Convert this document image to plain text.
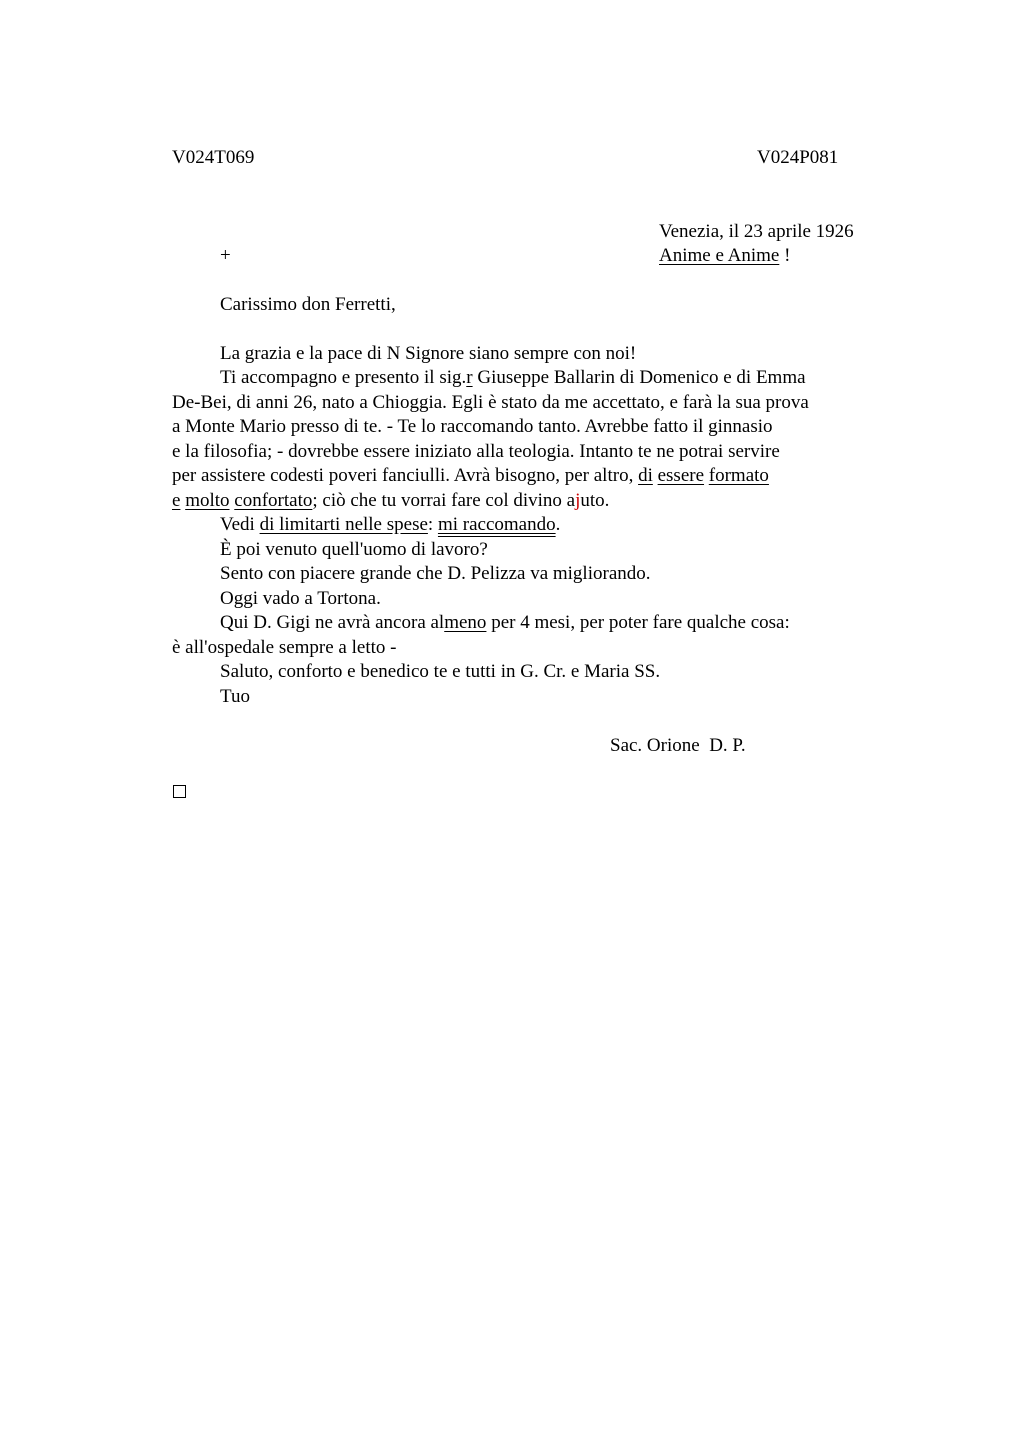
V024T069	V024P081
Venezia, il 23 aprile 1926
Anime e Anime !
+
Carissimo don Ferretti,
La grazia e la pace di N Signore siano sempre con noi!
Ti accompagno e presento il sig.r Giuseppe Ballarin di Domenico e di Emma
De-Bei, di anni 26, nato a Chioggia. Egli è stato da me accettato, e farà la sua prova
a Monte Mario presso di te. - Te lo raccomando tanto. Avrebbe fatto il ginnasio
e la filosofia; - dovrebbe essere iniziato alla teologia. Intanto te ne potrai servire
per assistere codesti poveri fanciulli. Avrà bisogno, per altro, di essere formato
e molto confortato; ciò che tu vorrai fare col divino ajuto.
Vedi di limitarti nelle spese: mi raccomando.
È poi venuto quell'uomo di lavoro?
Sento con piacere grande che D. Pelizza va migliorando.
Oggi vado a Tortona.
Qui D. Gigi ne avrà ancora almeno per 4 mesi, per poter fare qualche cosa:
è all'ospedale sempre a letto -
Saluto, conforto e benedico te e tutti in G. Cr. e Maria SS.
Tuo
Sac. Orione  D. P.
